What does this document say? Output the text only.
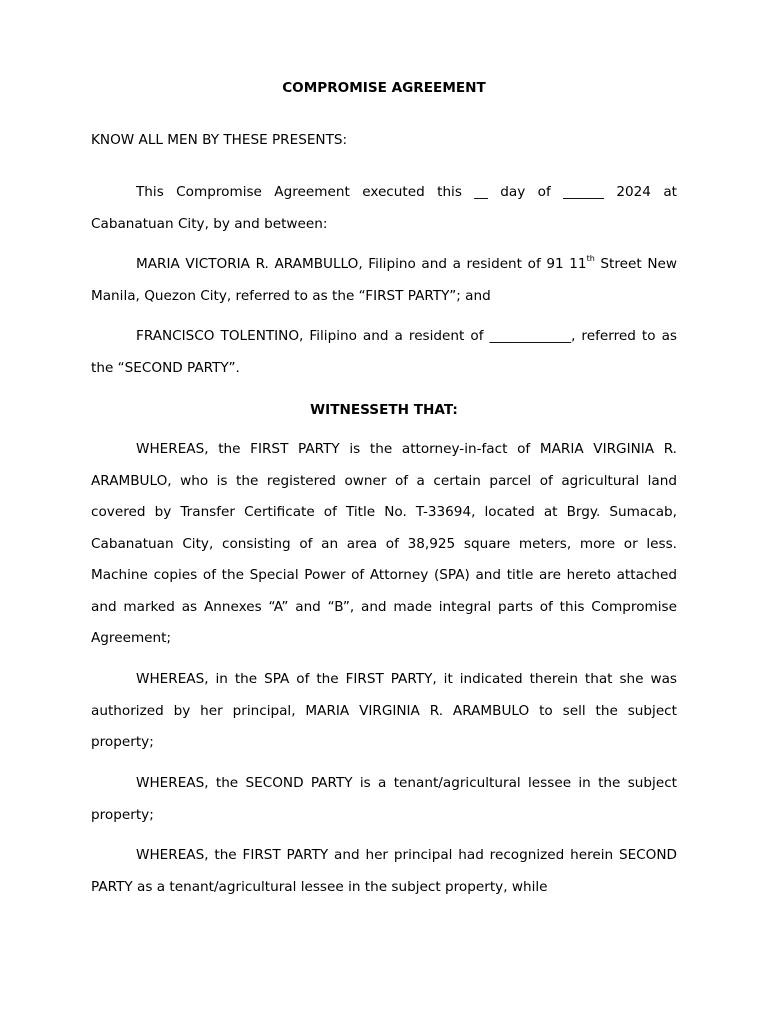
COMPROMISE AGREEMENT
KNOW ALL MEN BY THESE PRESENTS:
This Compromise Agreement executed this __ day of ______ 2024 at Cabanatuan City, by and between:
MARIA VICTORIA R. ARAMBULLO, Filipino and a resident of 91 11th Street New Manila, Quezon City, referred to as the “FIRST PARTY”; and
FRANCISCO TOLENTINO, Filipino and a resident of ____________, referred to as the “SECOND PARTY”.
WITNESSETH THAT:
WHEREAS, the FIRST PARTY is the attorney-in-fact of MARIA VIRGINIA R. ARAMBULO, who is the registered owner of a certain parcel of agricultural land covered by Transfer Certificate of Title No. T-33694, located at Brgy. Sumacab, Cabanatuan City, consisting of an area of 38,925 square meters, more or less. Machine copies of the Special Power of Attorney (SPA) and title are hereto attached and marked as Annexes “A” and “B”, and made integral parts of this Compromise Agreement;
WHEREAS, in the SPA of the FIRST PARTY, it indicated therein that she was authorized by her principal, MARIA VIRGINIA R. ARAMBULO to sell the subject property;
WHEREAS, the SECOND PARTY is a tenant/agricultural lessee in the subject property;
WHEREAS, the FIRST PARTY and her principal had recognized herein SECOND PARTY as a tenant/agricultural lessee in the subject property, while
